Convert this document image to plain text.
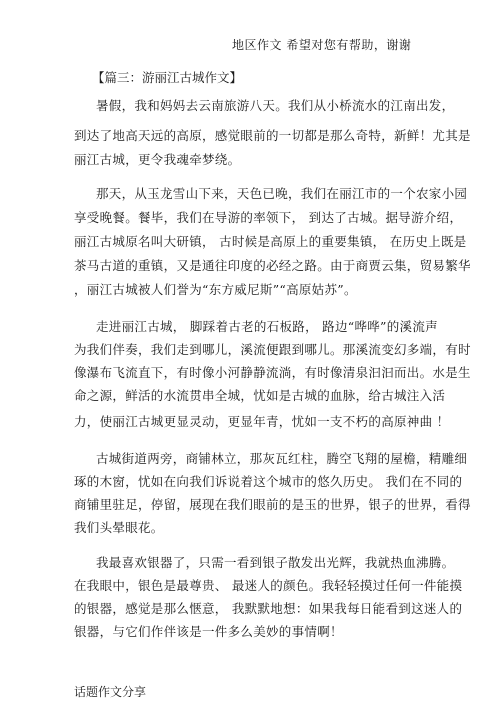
地区作文 希望对您有帮助，谢谢
【篇三：游丽江古城作文】
暑假，我和妈妈去云南旅游八天。我们从小桥流水的江南出发，
到达了地高天远的高原，感觉眼前的一切都是那么奇特，新鲜！尤其是
丽江古城，更令我魂牵梦绕。
那天，从玉龙雪山下来，天色已晚，我们在丽江市的一个农家小园
享受晚餐。餐毕，我们在导游的率领下， 到达了古城。据导游介绍，
丽江古城原名叫大研镇， 古时候是高原上的重要集镇， 在历史上既是
茶马古道的重镇，又是通往印度的必经之路。由于商贾云集，贸易繁华
，丽江古城被人们誉为“东方威尼斯”“高原姑苏”。
走进丽江古城， 脚踩着古老的石板路， 路边“哗哗”的溪流声
为我们伴奏，我们走到哪儿，溪流便跟到哪儿。那溪流变幻多端，有时
像瀑布飞流直下，有时像小河静静流淌，有时像清泉汩汩而出。水是生
命之源，鲜活的水流贯串全城，忧如是古城的血脉，给古城注入活
力，使丽江古城更显灵动，更显年青，忧如一支不朽的高原神曲 ！
古城街道两旁，商铺林立，那灰瓦红柱，腾空飞翔的屋檐，精雕细
琢的木窗，忧如在向我们诉说着这个城市的悠久历史。 我们在不同的
商铺里驻足，停留，展现在我们眼前的是玉的世界，银子的世界，看得
我们头晕眼花。
我最喜欢银器了，只需一看到银子散发出光辉，我就热血沸腾。
在我眼中，银色是最尊贵、 最迷人的颜色。我轻轻摸过任何一件能摸
的银器，感觉是那么惬意， 我默默地想：如果我每日能看到这迷人的
银器，与它们作伴该是一件多么美妙的事情啊！
话题作文分享
